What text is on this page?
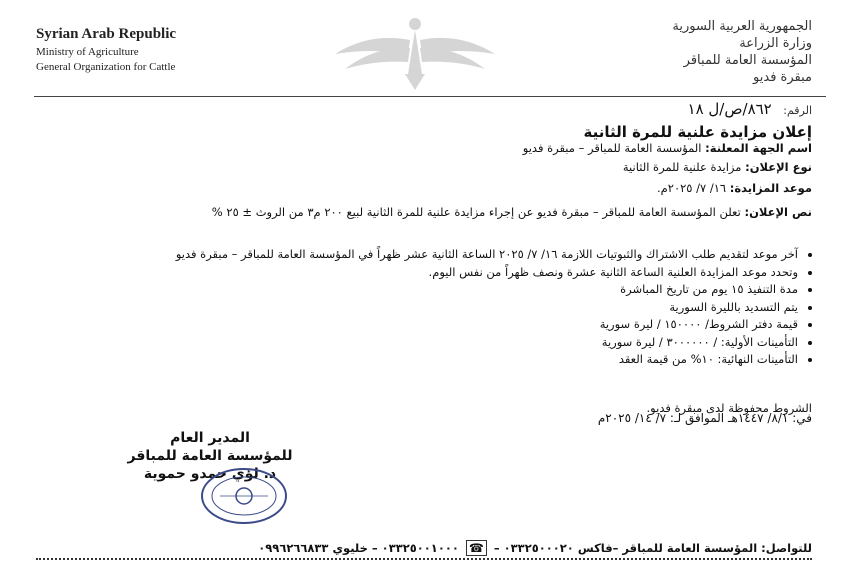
Syrian Arab Republic
Ministry of Agriculture
General Organization for Cattle
الجمهورية العربية السورية
وزارة الزراعة
المؤسسة العامة للمباقر
مبقرة فديو
الرقم: ٨٦٢/ص/ل ١٨
إعلان مزايدة علنية للمرة الثانية
اسم الجهة المعلنة: المؤسسة العامة للمباقر – مبقرة فديو
نوع الإعلان: مزايدة علنية للمرة الثانية
موعد المزايدة: ١٦/ ٧/ ٢٠٢٥م.
نص الإعلان: تعلن المؤسسة العامة للمباقر – مبقرة فديو عن إجراء مزايدة علنية للمرة الثانية لبيع ٢٠٠ م٣ من الروث ± ٢٥ %
• آخر موعد لتقديم طلب الاشتراك والثبوتيات اللازمة ١٦/ ٧/ ٢٠٢٥ الساعة الثانية عشر ظهراً في المؤسسة العامة للمباقر – مبقرة فديو
• وتحدد موعد المزايدة العلنية الساعة الثانية عشرة ونصف ظهراً من نفس اليوم.
• مدة التنفيذ ١٥ يوم من تاريخ المباشرة
• يتم التسديد بالليرة السورية
• قيمة دفتر الشروط/ ١٥٠٠٠٠ / ليرة سورية
• التأمينات الأولية: / ٣٠٠٠٠٠٠ / ليرة سورية
• التأمينات النهائية: ١٠% من قيمة العقد
الشروط محفوظة لدى مبقرة فديو.
في: ٨/١/ ١٤٤٧هـ الموافق لـ: ٧/ ١٤/ ٢٠٢٥م
المدير العام
للمؤسسة العامة للمباقر
د. لؤي حمدو حموية
للتواصل: المؤسسة العامة للمباقر –فاكس ٠٣٣٢٥٠٠٠٢٠ – ☎ ٠٣٣٢٥٠٠١٠٠٠ – خليوي ٠٩٩٦٢٦٦٨٣٣
